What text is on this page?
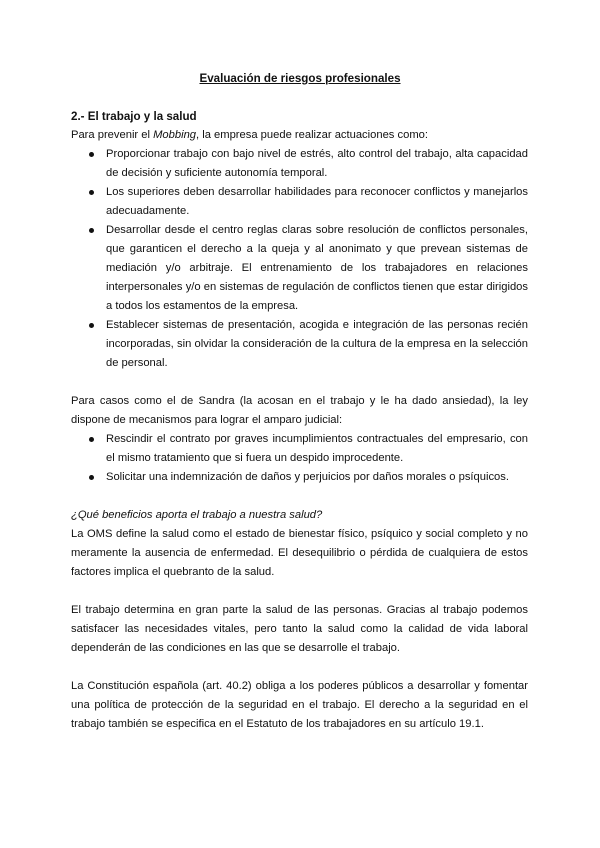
Evaluación de riesgos profesionales
2.- El trabajo y la salud

Para prevenir el Mobbing, la empresa puede realizar actuaciones como:

Proporcionar trabajo con bajo nivel de estrés, alto control del trabajo, alta capacidad de decisión y suficiente autonomía temporal.
Los superiores deben desarrollar habilidades para reconocer conflictos y manejarlos adecuadamente.
Desarrollar desde el centro reglas claras sobre resolución de conflictos personales, que garanticen el derecho a la queja y al anonimato y que prevean sistemas de mediación y/o arbitraje. El entrenamiento de los trabajadores en relaciones interpersonales y/o en sistemas de regulación de conflictos tienen que estar dirigidos a todos los estamentos de la empresa.
Establecer sistemas de presentación, acogida e integración de las personas recién incorporadas, sin olvidar la consideración de la cultura de la empresa en la selección de personal.

Para casos como el de Sandra (la acosan en el trabajo y le ha dado ansiedad), la ley dispone de mecanismos para lograr el amparo judicial:

Rescindir el contrato por graves incumplimientos contractuales del empresario, con el mismo tratamiento que si fuera un despido improcedente.
Solicitar una indemnización de daños y perjuicios por daños morales o psíquicos.

¿Qué beneficios aporta el trabajo a nuestra salud?

La OMS define la salud como el estado de bienestar físico, psíquico y social completo y no meramente la ausencia de enfermedad. El desequilibrio o pérdida de cualquiera de estos factores implica el quebranto de la salud.

El trabajo determina en gran parte la salud de las personas. Gracias al trabajo podemos satisfacer las necesidades vitales, pero tanto la salud como la calidad de vida laboral dependerán de las condiciones en las que se desarrolle el trabajo.

La Constitución española (art. 40.2) obliga a los poderes públicos a desarrollar y fomentar una política de protección de la seguridad en el trabajo. El derecho a la seguridad en el trabajo también se especifica en el Estatuto de los trabajadores en su artículo 19.1.
